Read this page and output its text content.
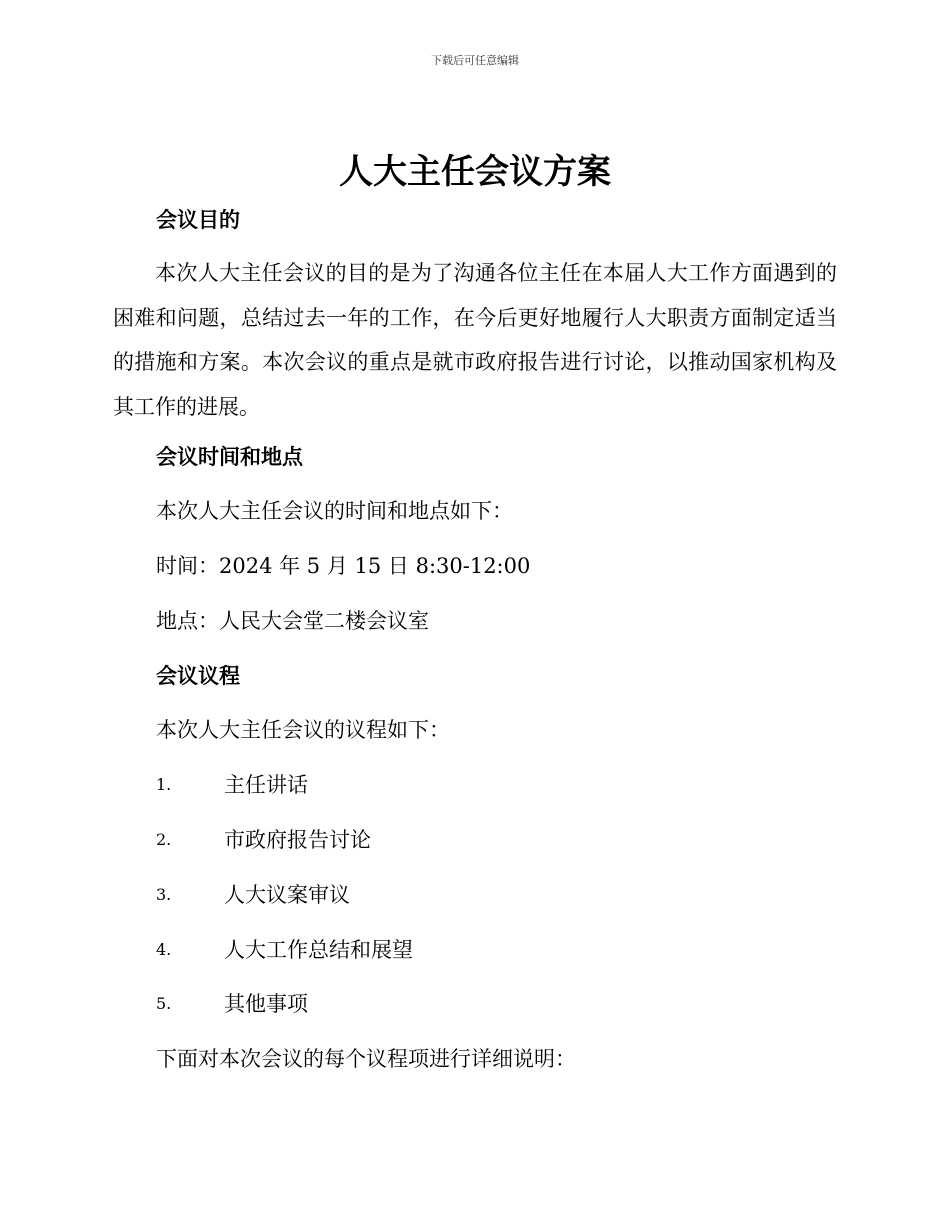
下载后可任意编辑
人大主任会议方案
会议目的

本次人大主任会议的目的是为了沟通各位主任在本届人大工作方面遇到的困难和问题，总结过去一年的工作，在今后更好地履行人大职责方面制定适当的措施和方案。本次会议的重点是就市政府报告进行讨论，以推动国家机构及其工作的进展。

会议时间和地点

本次人大主任会议的时间和地点如下：

时间：2024 年 5 月 15 日 8:30-12:00

地点：人民大会堂二楼会议室

会议议程

本次人大主任会议的议程如下：

1.	主任讲话
2.	市政府报告讨论
3.	人大议案审议
4.	人大工作总结和展望
5.	其他事项

下面对本次会议的每个议程项进行详细说明：
